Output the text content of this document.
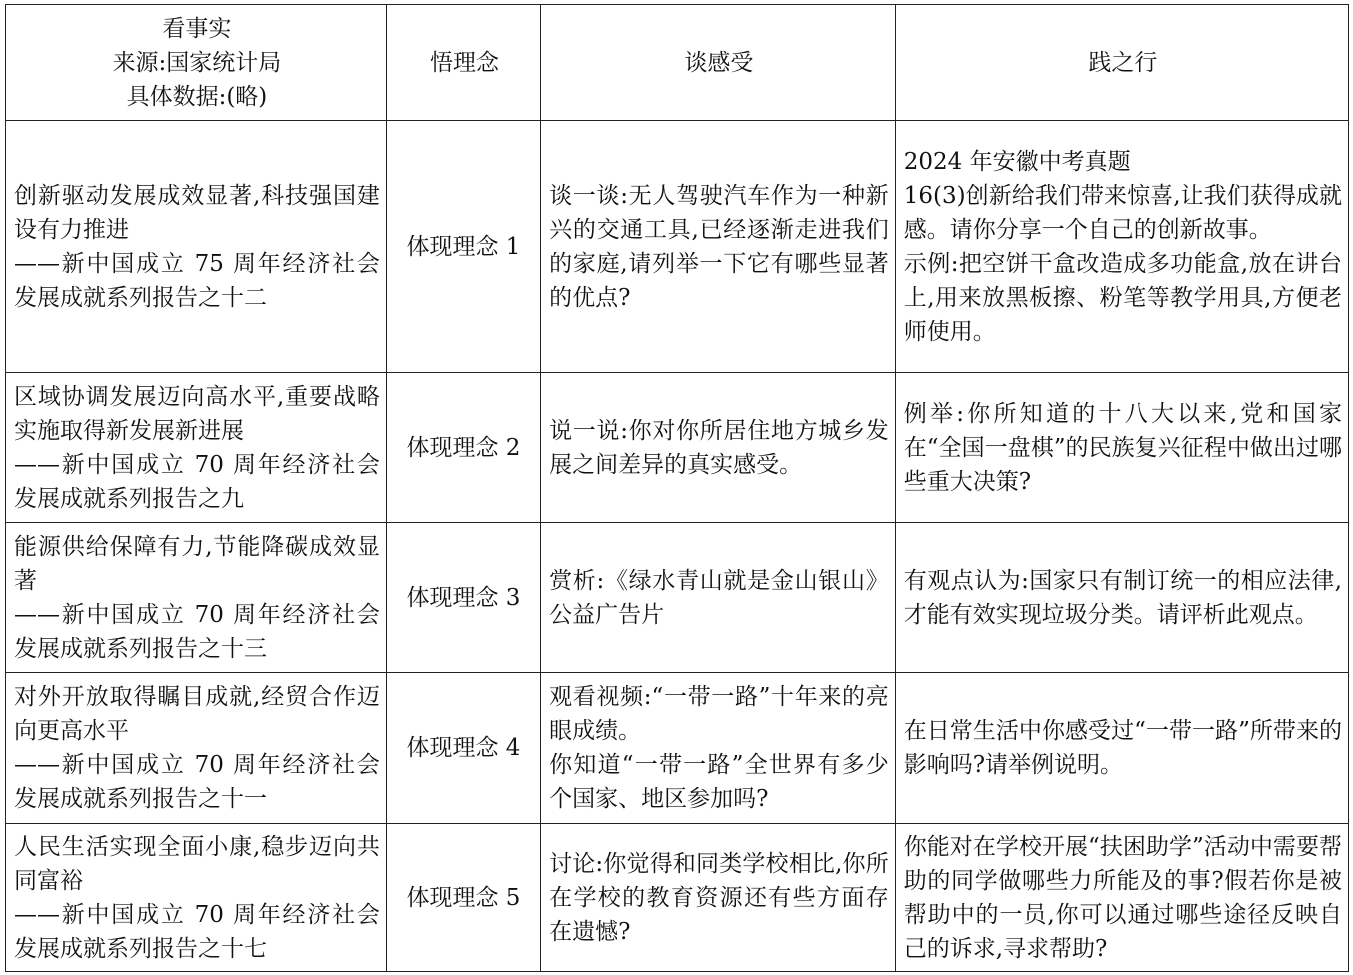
看事实
来源:国家统计局
具体数据:(略)	悟理念	谈感受	践之行

创新驱动发展成效显著,科技强国建设有力推进
——新中国成立 75 周年经济社会发展成就系列报告之十二	体现理念 1	谈一谈:无人驾驶汽车作为一种新兴的交通工具,已经逐渐走进我们的家庭,请列举一下它有哪些显著的优点?	2024 年安徽中考真题
16(3)创新给我们带来惊喜,让我们获得成就感。请你分享一个自己的创新故事。
示例:把空饼干盒改造成多功能盒,放在讲台上,用来放黑板擦、粉笔等教学用具,方便老师使用。

区域协调发展迈向高水平,重要战略实施取得新发展新进展
——新中国成立 70 周年经济社会发展成就系列报告之九	体现理念 2	说一说:你对你所居住地方城乡发展之间差异的真实感受。	例举:你所知道的十八大以来,党和国家在“全国一盘棋”的民族复兴征程中做出过哪些重大决策?

能源供给保障有力,节能降碳成效显著
——新中国成立 70 周年经济社会发展成就系列报告之十三	体现理念 3	赏析:《绿水青山就是金山银山》公益广告片	有观点认为:国家只有制订统一的相应法律,才能有效实现垃圾分类。请评析此观点。

对外开放取得瞩目成就,经贸合作迈向更高水平
——新中国成立 70 周年经济社会发展成就系列报告之十一	体现理念 4	观看视频:“一带一路”十年来的亮眼成绩。
你知道“一带一路”全世界有多少个国家、地区参加吗?	在日常生活中你感受过“一带一路”所带来的影响吗?请举例说明。

人民生活实现全面小康,稳步迈向共同富裕
——新中国成立 70 周年经济社会发展成就系列报告之十七	体现理念 5	讨论:你觉得和同类学校相比,你所在学校的教育资源还有些方面存在遗憾?	你能对在学校开展“扶困助学”活动中需要帮助的同学做哪些力所能及的事?假若你是被帮助中的一员,你可以通过哪些途径反映自己的诉求,寻求帮助?
